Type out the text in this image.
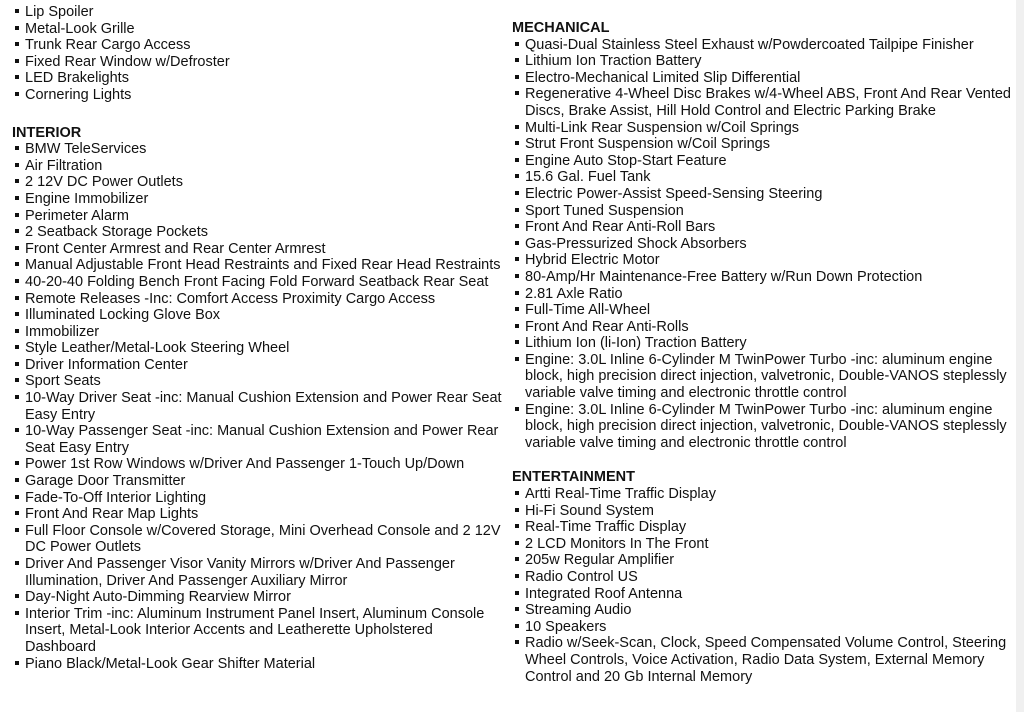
Lip Spoiler
Metal-Look Grille
Trunk Rear Cargo Access
Fixed Rear Window w/Defroster
LED Brakelights
Cornering Lights
INTERIOR
BMW TeleServices
Air Filtration
2 12V DC Power Outlets
Engine Immobilizer
Perimeter Alarm
2 Seatback Storage Pockets
Front Center Armrest and Rear Center Armrest
Manual Adjustable Front Head Restraints and Fixed Rear Head Restraints
40-20-40 Folding Bench Front Facing Fold Forward Seatback Rear Seat
Remote Releases -Inc: Comfort Access Proximity Cargo Access
Illuminated Locking Glove Box
Immobilizer
Style Leather/Metal-Look Steering Wheel
Driver Information Center
Sport Seats
10-Way Driver Seat -inc: Manual Cushion Extension and Power Rear Seat Easy Entry
10-Way Passenger Seat -inc: Manual Cushion Extension and Power Rear Seat Easy Entry
Power 1st Row Windows w/Driver And Passenger 1-Touch Up/Down
Garage Door Transmitter
Fade-To-Off Interior Lighting
Front And Rear Map Lights
Full Floor Console w/Covered Storage, Mini Overhead Console and 2 12V DC Power Outlets
Driver And Passenger Visor Vanity Mirrors w/Driver And Passenger Illumination, Driver And Passenger Auxiliary Mirror
Day-Night Auto-Dimming Rearview Mirror
Interior Trim -inc: Aluminum Instrument Panel Insert, Aluminum Console Insert, Metal-Look Interior Accents and Leatherette Upholstered Dashboard
Piano Black/Metal-Look Gear Shifter Material
MECHANICAL
Quasi-Dual Stainless Steel Exhaust w/Powdercoated Tailpipe Finisher
Lithium Ion Traction Battery
Electro-Mechanical Limited Slip Differential
Regenerative 4-Wheel Disc Brakes w/4-Wheel ABS, Front And Rear Vented Discs, Brake Assist, Hill Hold Control and Electric Parking Brake
Multi-Link Rear Suspension w/Coil Springs
Strut Front Suspension w/Coil Springs
Engine Auto Stop-Start Feature
15.6 Gal. Fuel Tank
Electric Power-Assist Speed-Sensing Steering
Sport Tuned Suspension
Front And Rear Anti-Roll Bars
Gas-Pressurized Shock Absorbers
Hybrid Electric Motor
80-Amp/Hr Maintenance-Free Battery w/Run Down Protection
2.81 Axle Ratio
Full-Time All-Wheel
Front And Rear Anti-Rolls
Lithium Ion (li-Ion) Traction Battery
Engine: 3.0L Inline 6-Cylinder M TwinPower Turbo -inc: aluminum engine block, high precision direct injection, valvetronic, Double-VANOS steplessly variable valve timing and electronic throttle control
Engine: 3.0L Inline 6-Cylinder M TwinPower Turbo -inc: aluminum engine block, high precision direct injection, valvetronic, Double-VANOS steplessly variable valve timing and electronic throttle control
ENTERTAINMENT
Artti Real-Time Traffic Display
Hi-Fi Sound System
Real-Time Traffic Display
2 LCD Monitors In The Front
205w Regular Amplifier
Radio Control US
Integrated Roof Antenna
Streaming Audio
10 Speakers
Radio w/Seek-Scan, Clock, Speed Compensated Volume Control, Steering Wheel Controls, Voice Activation, Radio Data System, External Memory Control and 20 Gb Internal Memory
